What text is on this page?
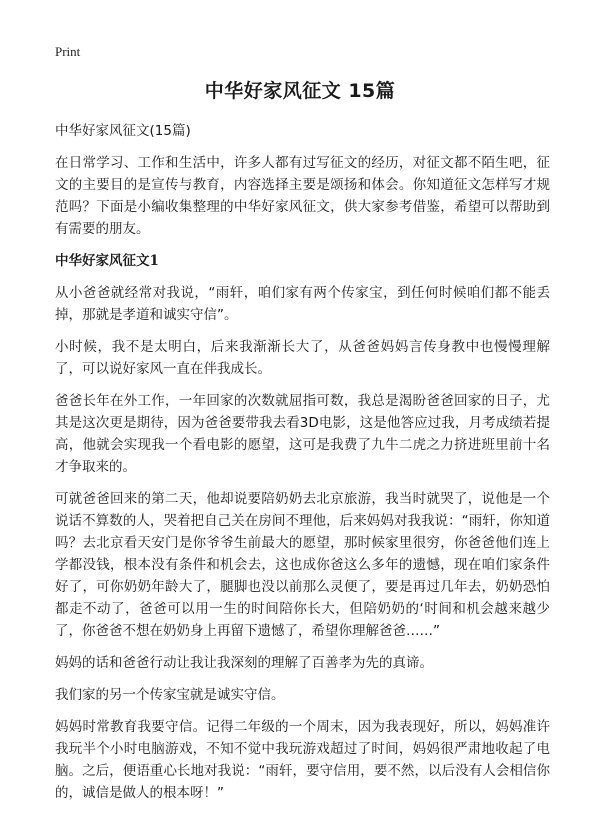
Print
中华好家风征文 15篇

中华好家风征文(15篇)

在日常学习、工作和生活中，许多人都有过写征文的经历，对征文都不陌生吧，征文的主要目的是宣传与教育，内容选择主要是颂扬和体会。你知道征文怎样写才规范吗？下面是小编收集整理的中华好家风征文，供大家参考借鉴，希望可以帮助到有需要的朋友。

中华好家风征文1

从小爸爸就经常对我说，“雨轩，咱们家有两个传家宝，到任何时候咱们都不能丢掉，那就是孝道和诚实守信”。

小时候，我不是太明白，后来我渐渐长大了，从爸爸妈妈言传身教中也慢慢理解了，可以说好家风一直在伴我成长。

爸爸长年在外工作，一年回家的次数就屈指可数，我总是渴盼爸爸回家的日子，尤其是这次更是期待，因为爸爸要带我去看3D电影，这是他答应过我，月考成绩若提高，他就会实现我一个看电影的愿望，这可是我费了九牛二虎之力挤进班里前十名才争取来的。

可就爸爸回来的第二天，他却说要陪奶奶去北京旅游，我当时就哭了，说他是一个说话不算数的人，哭着把自己关在房间不理他，后来妈妈对我我说：“雨轩，你知道吗？去北京看天安门是你爷爷生前最大的愿望，那时候家里很穷，你爸爸他们连上学都没钱，根本没有条件和机会去，这也成你爸这么多年的遗憾，现在咱们家条件好了，可你奶奶年龄大了，腿脚也没以前那么灵便了，要是再过几年去，奶奶恐怕都走不动了，爸爸可以用一生的时间陪你长大，但陪奶奶的‘时间和机会越来越少了，你爸爸不想在奶奶身上再留下遗憾了，希望你理解爸爸……”

妈妈的话和爸爸行动让我让我深刻的理解了百善孝为先的真谛。

我们家的另一个传家宝就是诚实守信。

妈妈时常教育我要守信。记得二年级的一个周末，因为我表现好，所以，妈妈准许我玩半个小时电脑游戏，不知不觉中我玩游戏超过了时间，妈妈很严肃地收起了电脑。之后，便语重心长地对我说：“雨轩，要守信用，要不然，以后没有人会相信你的，诚信是做人的根本呀！”
